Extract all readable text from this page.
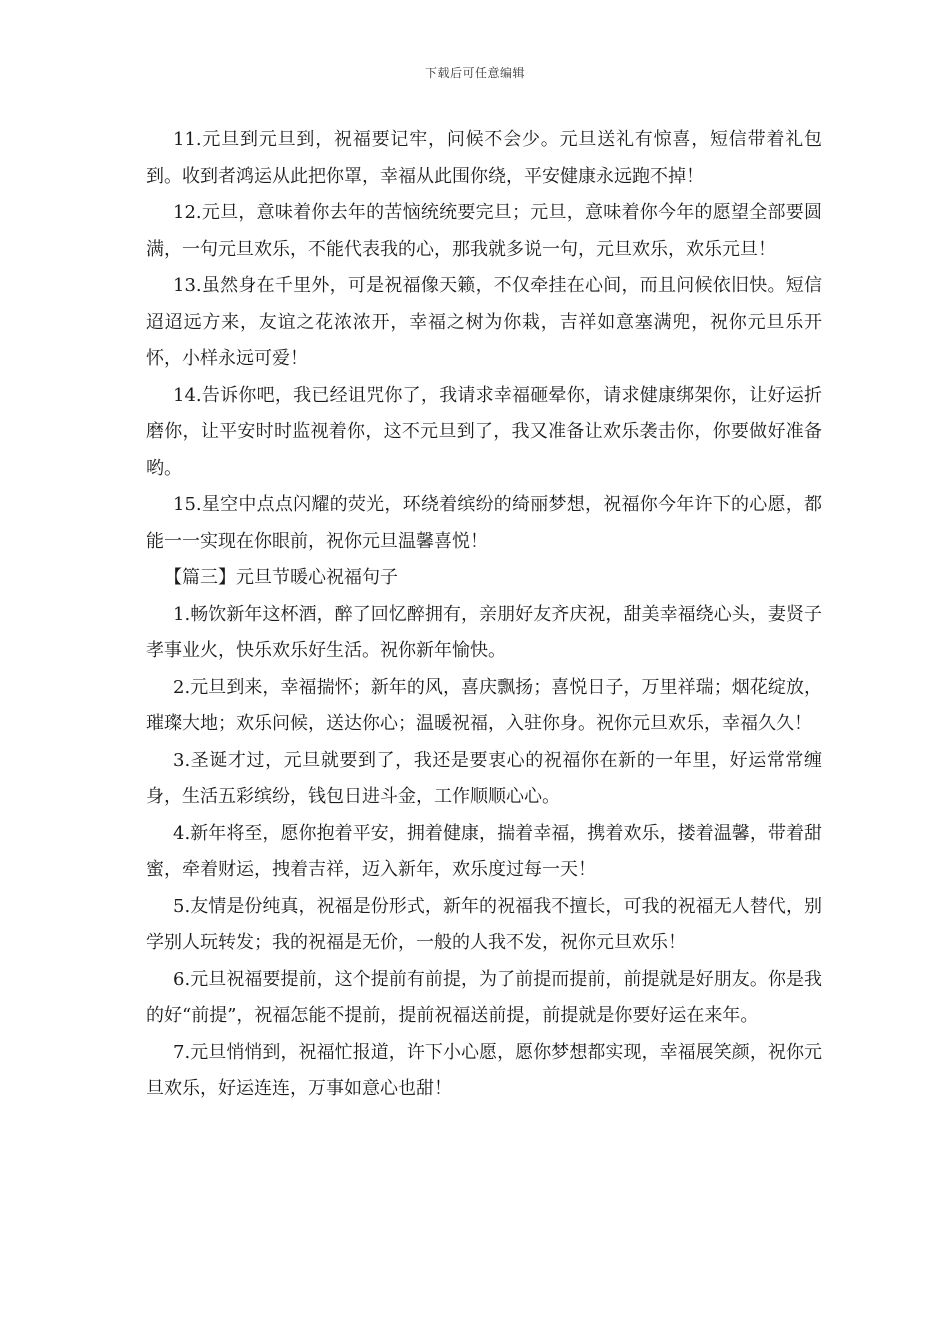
下载后可任意编辑

11.元旦到元旦到，祝福要记牢，问候不会少。元旦送礼有惊喜，短信带着礼包到。收到者鸿运从此把你罩，幸福从此围你绕，平安健康永远跑不掉！

12.元旦，意味着你去年的苦恼统统要完旦；元旦，意味着你今年的愿望全部要圆满，一句元旦欢乐，不能代表我的心，那我就多说一句，元旦欢乐，欢乐元旦！

13.虽然身在千里外，可是祝福像天籁，不仅牵挂在心间，而且问候依旧快。短信迢迢远方来，友谊之花浓浓开，幸福之树为你栽，吉祥如意塞满兜，祝你元旦乐开怀，小样永远可爱！

14.告诉你吧，我已经诅咒你了，我请求幸福砸晕你，请求健康绑架你，让好运折磨你，让平安时时监视着你，这不元旦到了，我又准备让欢乐袭击你，你要做好准备哟。

15.星空中点点闪耀的荧光，环绕着缤纷的绮丽梦想，祝福你今年许下的心愿，都能一一实现在你眼前，祝你元旦温馨喜悦！

【篇三】元旦节暖心祝福句子

1.畅饮新年这杯酒，醉了回忆醉拥有，亲朋好友齐庆祝，甜美幸福绕心头，妻贤子孝事业火，快乐欢乐好生活。祝你新年愉快。

2.元旦到来，幸福揣怀；新年的风，喜庆飘扬；喜悦日子，万里祥瑞；烟花绽放，璀璨大地；欢乐问候，送达你心；温暖祝福，入驻你身。祝你元旦欢乐，幸福久久！

3.圣诞才过，元旦就要到了，我还是要衷心的祝福你在新的一年里，好运常常缠身，生活五彩缤纷，钱包日进斗金，工作顺顺心心。

4.新年将至，愿你抱着平安，拥着健康，揣着幸福，携着欢乐，搂着温馨，带着甜蜜，牵着财运，拽着吉祥，迈入新年，欢乐度过每一天！

5.友情是份纯真，祝福是份形式，新年的祝福我不擅长，可我的祝福无人替代，别学别人玩转发；我的祝福是无价，一般的人我不发，祝你元旦欢乐！

6.元旦祝福要提前，这个提前有前提，为了前提而提前，前提就是好朋友。你是我的好“前提”，祝福怎能不提前，提前祝福送前提，前提就是你要好运在来年。

7.元旦悄悄到，祝福忙报道，许下小心愿，愿你梦想都实现，幸福展笑颜，祝你元旦欢乐，好运连连，万事如意心也甜！
